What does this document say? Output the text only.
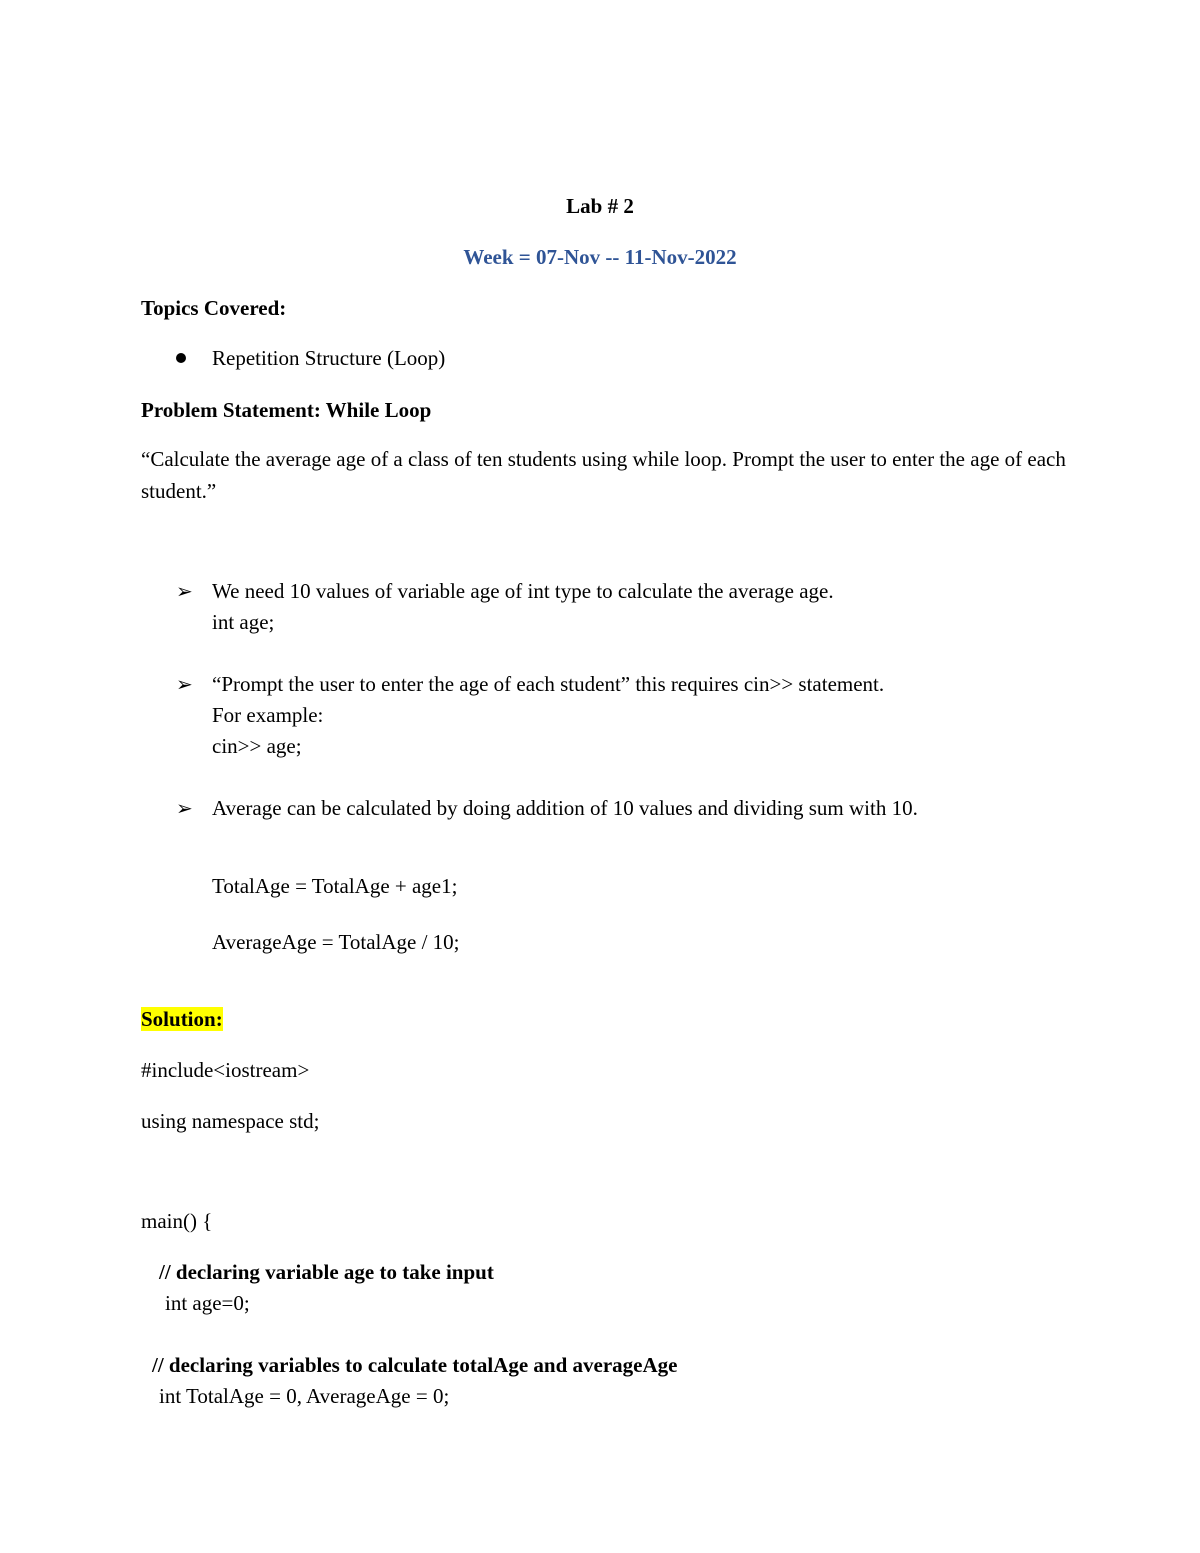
Lab # 2
Week = 07-Nov -- 11-Nov-2022
Topics Covered:
Repetition Structure (Loop)
Problem Statement: While Loop
“Calculate the average age of a class of ten students using while loop. Prompt the user to enter the age of each student.”
➢ We need 10 values of variable age of int type to calculate the average age.
int age;
➢ “Prompt the user to enter the age of each student” this requires cin>> statement.
For example:
cin>> age;
➢ Average can be calculated by doing addition of 10 values and dividing sum with 10.
TotalAge = TotalAge + age1;
AverageAge = TotalAge / 10;
Solution:
#include<iostream>
using namespace std;
main() {
// declaring variable age to take input
int age=0;
// declaring variables to calculate totalAge and averageAge
int TotalAge = 0, AverageAge = 0;
